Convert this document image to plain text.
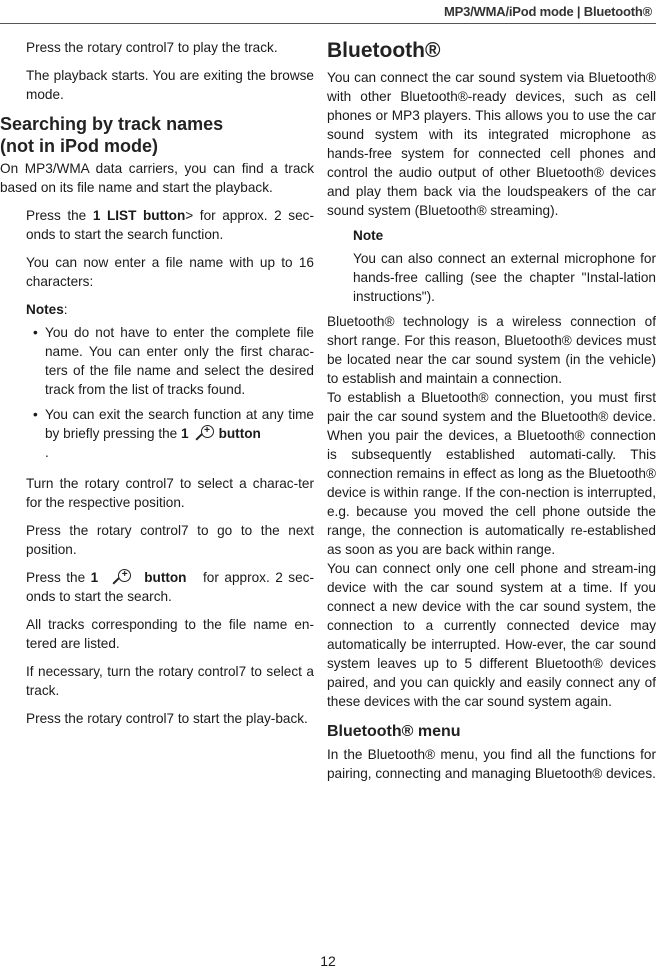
MP3/WMA/iPod mode | Bluetooth®

Press the rotary control7 to play the track.

The playback starts. You are exiting the browse mode.

Searching by track names
(not in iPod mode)

On MP3/WMA data carriers, you can find a track based on its file name and start the playback.

Press the 1 LIST button> for approx. 2 sec-onds to start the search function.

You can now enter a file name with up to 16 characters:

Notes:

• You do not have to enter the complete file name. You can enter only the first charac-ters of the file name and select the desired track from the list of tracks found.
• You can exit the search function at any time by briefly pressing the 1	+ button
.

Turn the rotary control7 to select a charac-ter for the respective position.

Press the rotary control7 to go to the next position.

Press the 1	+ button for approx. 2 sec-onds to start the search.

All tracks corresponding to the file name en-tered are listed.

If necessary, turn the rotary control7 to select a track.

Press the rotary control7 to start the play-back.

Bluetooth®

You can connect the car sound system via Bluetooth® with other Bluetooth®-ready devices, such as cell phones or MP3 players. This allows you to use the car sound system with its integrated microphone as hands-free system for connected cell phones and control the audio output of other Bluetooth® devices and play them back via the loudspeakers of the car sound system (Bluetooth® streaming).

Note

You can also connect an external microphone for hands-free calling (see the chapter "Instal-lation instructions").

Bluetooth® technology is a wireless connection of short range. For this reason, Bluetooth® devices must be located near the car sound system (in the vehicle) to establish and maintain a connection.

To establish a Bluetooth® connection, you must first pair the car sound system and the Bluetooth® device. When you pair the devices, a Bluetooth® connection is subsequently established automati-cally. This connection remains in effect as long as the Bluetooth® device is within range. If the con-nection is interrupted, e.g. because you moved the cell phone outside the range, the connection is automatically re-established as soon as you are back within range.

You can connect only one cell phone and stream-ing device with the car sound system at a time. If you connect a new device with the car sound system, the connection to a currently connected device may automatically be interrupted. How-ever, the car sound system leaves up to 5 different Bluetooth® devices paired, and you can quickly and easily connect any of these devices with the car sound system again.

Bluetooth® menu

In the Bluetooth® menu, you find all the functions for pairing, connecting and managing Bluetooth® devices.

12
